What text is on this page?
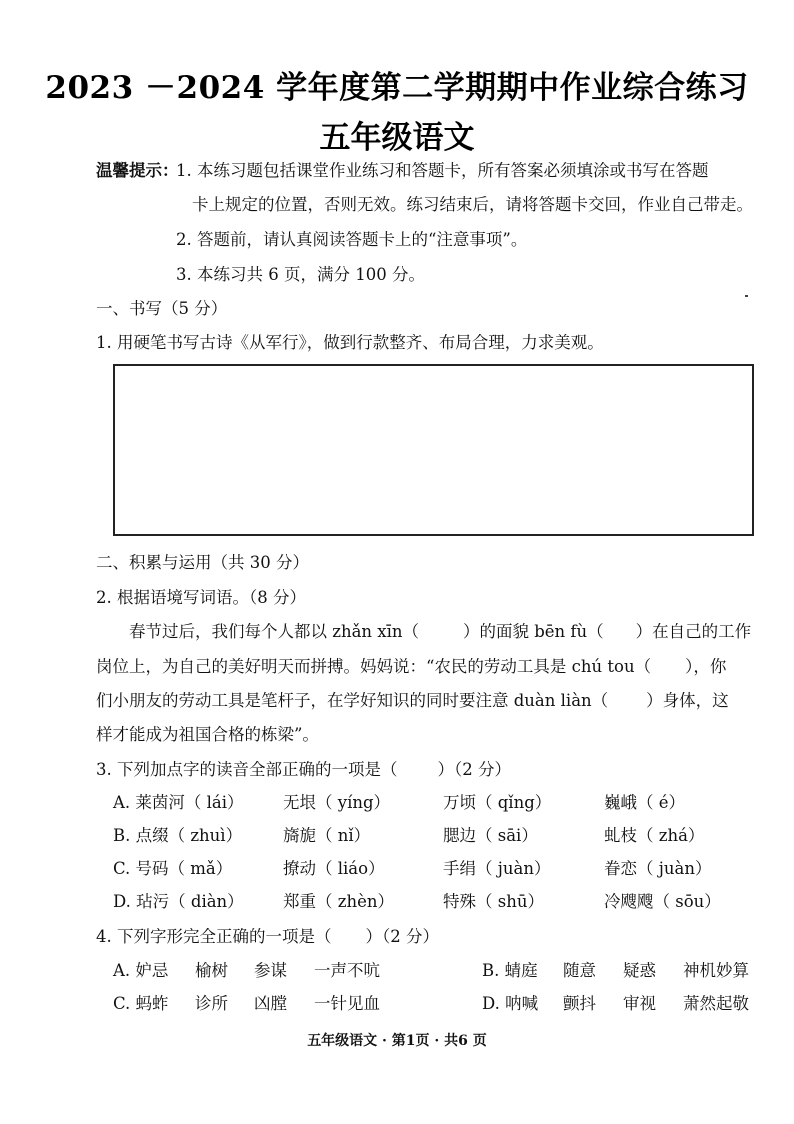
2023 －2024 学年度第二学期期中作业综合练习
五年级语文
温馨提示：
1. 本练习题包括课堂作业练习和答题卡，所有答案必须填涂或书写在答题
卡上规定的位置，否则无效。练习结束后，请将答题卡交回，作业自己带走。
2. 答题前，请认真阅读答题卡上的“注意事项”。
3. 本练习共 6 页，满分 100 分。
一、书写（5 分）
1. 用硬笔书写古诗《从军行》，做到行款整齐、布局合理，力求美观。
二、积累与运用（共 30 分）
2. 根据语境写词语。（8 分）
春节过后，我们每个人都以 zhǎn xīn（	）的面貌 bēn fù（ ）在自己的工作
岗位上，为自己的美好明天而拼搏。妈妈说：“农民的劳动工具是 chú tou（ ），你
们小朋友的劳动工具是笔杆子，在学好知识的同时要注意 duàn liàn（ ）身体，这
样才能成为祖国合格的栋梁”。
3. 下列加点字的读音全部正确的一项是（ ）（2 分）
A. 莱茵河（ lái） 无垠（ yíng）	万顷（ qǐng）	巍峨（ é）
B. 点缀（ zhuì） 旖旎（ nǐ）	腮边（ sāi）	虬枝（ zhá）
C. 号码（ mǎ）	撩动（ liáo）	手绢（ juàn）	眷恋（ juàn）
D. 玷污（ diàn） 郑重（ zhèn）	特殊（ shū）	冷飕飕（ sōu）
4. 下列字形完全正确的一项是（ ）（2 分）
A. 妒忌 榆树 参谋 一声不吭	B. 蜻庭 随意 疑惑 神机妙算
C. 蚂蚱 诊所 凶膛 一针见血	D. 呐喊 颤抖 审视 萧然起敬
五年级语文 · 第1页 · 共6 页
